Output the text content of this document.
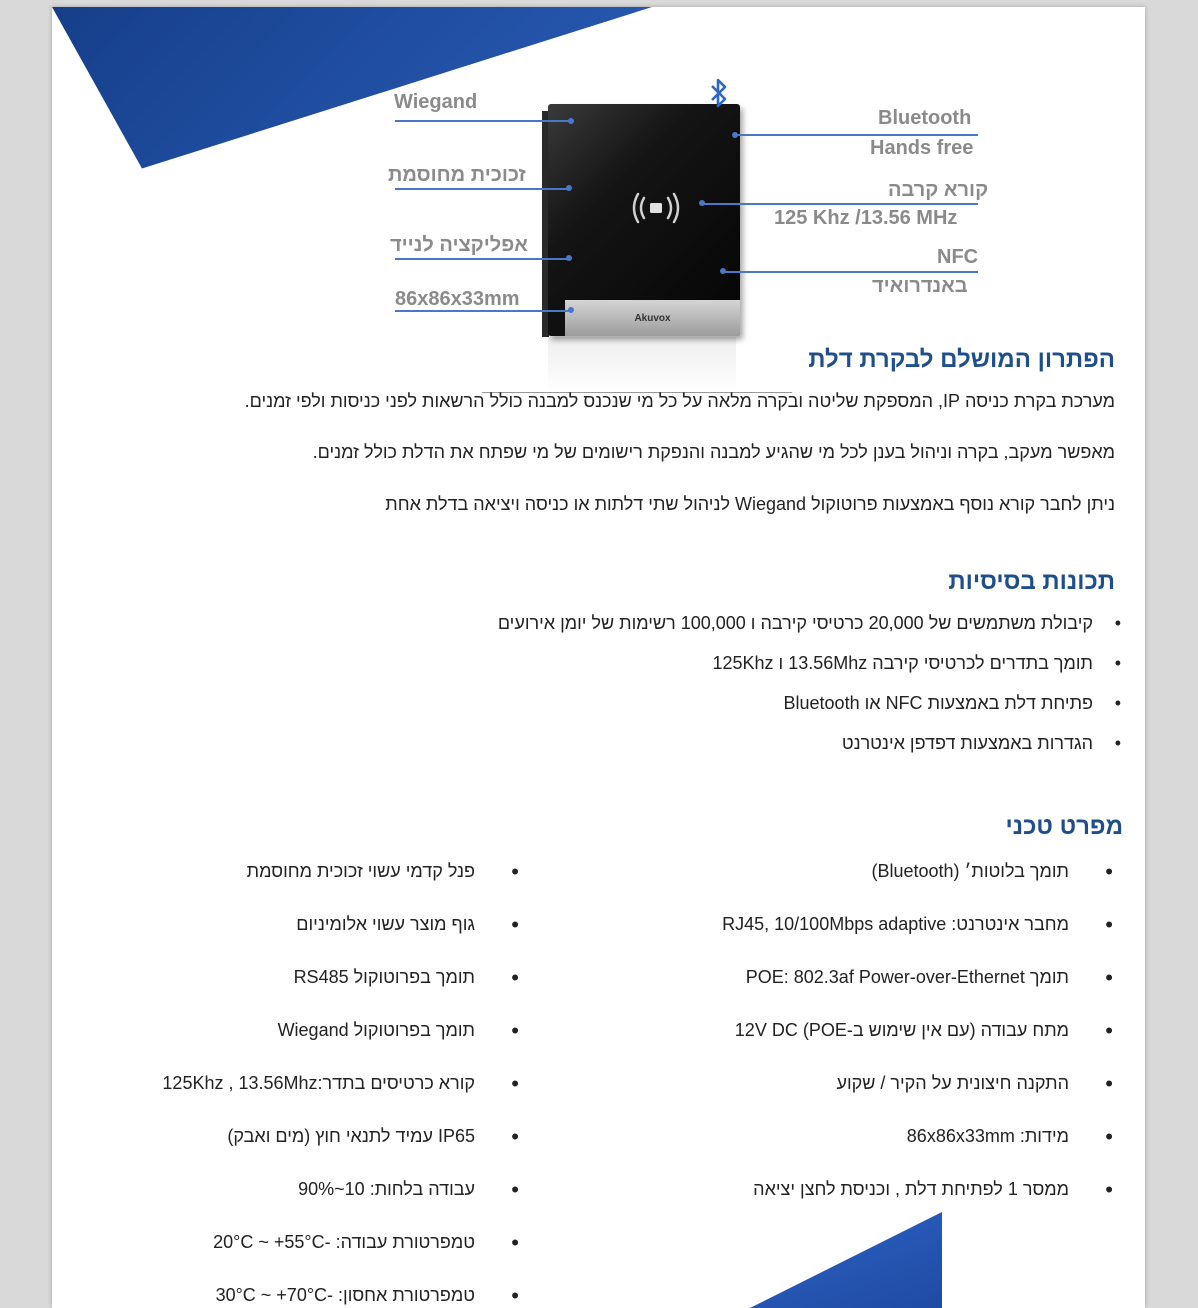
Akuvox
Wiegand
זכוכית מחוסמת
אפליקציה לנייד
86x86x33mm
Bluetooth
Hands free
קורא קרבה
125 Khz /13.56 MHz
NFC
באנדרואיד
הפתרון המושלם לבקרת דלת
מערכת בקרת כניסה IP, המספקת שליטה ובקרה מלאה על כל מי שנכנס למבנה כולל הרשאות לפני כניסות ולפי זמנים.
מאפשר מעקב, בקרה וניהול בענן לכל מי שהגיע למבנה והנפקת רישומים של מי שפתח את הדלת כולל זמנים.
ניתן לחבר קורא נוסף באמצעות פרוטוקול Wiegand לניהול שתי דלתות או כניסה ויציאה בדלת אחת
תכונות בסיסיות
• קיבולת משתמשים של 20,000 כרטיסי קירבה ו 100,000 רשימות של יומן אירועים
• תומך בתדרים לכרטיסי קירבה 13.56Mhz ו 125Khz
• פתיחת דלת באמצעות NFC או Bluetooth
• הגדרות באמצעות דפדפן אינטרנט
מפרט טכני
• תומך בלוטות׳ (Bluetooth)
• מחבר אינטרנט: RJ45, 10/100Mbps adaptive
• תומך POE: 802.3af Power-over-Ethernet
• מתח עבודה (עם אין שימוש ב-POE) 12V DC
• התקנה חיצונית על הקיר / שקוע
• מידות: 86x86x33mm
• ממסר 1 לפתיחת דלת , וכניסת לחצן יציאה
• פנל קדמי עשוי זכוכית מחוסמת
• גוף מוצר עשוי אלומיניום
• תומך בפרוטוקול RS485
• תומך בפרוטוקול Wiegand
• קורא כרטיסים בתדר:125Khz , 13.56Mhz
• IP65 עמיד לתנאי חוץ (מים ואבק)
• עבודה בלחות: 10~90%
• טמפרטורת עבודה: -20°C ~ +55°C
• טמפרטורת אחסון: -30°C ~ +70°C
